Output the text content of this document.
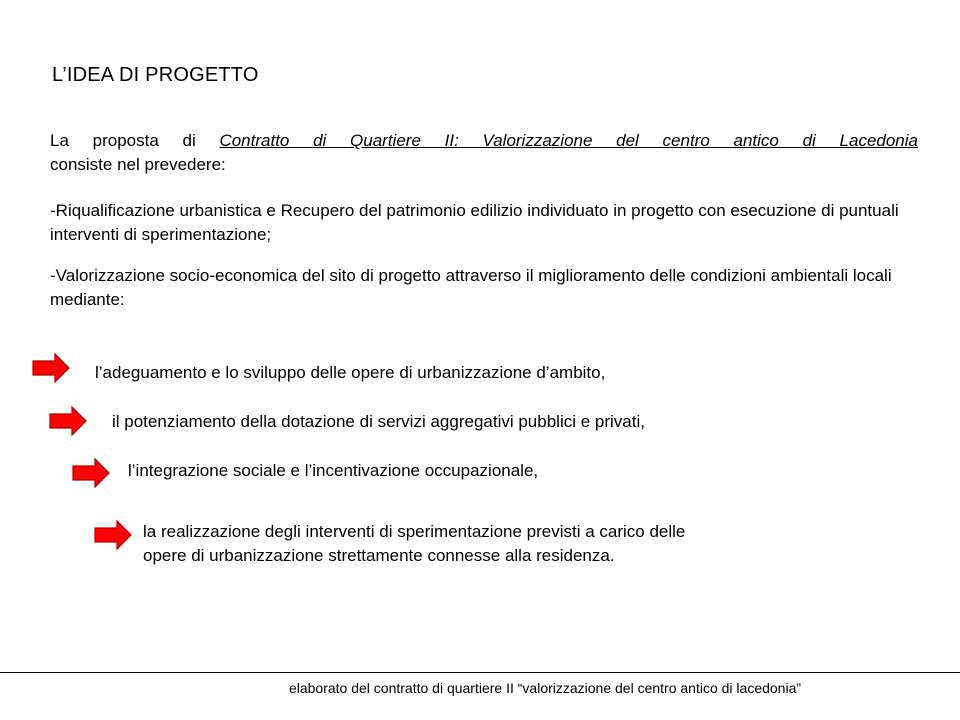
L’IDEA DI PROGETTO
La proposta di Contratto di Quartiere II: Valorizzazione del centro antico di Lacedonia
consiste nel prevedere:
-Riqualificazione urbanistica e Recupero del patrimonio edilizio individuato in progetto con esecuzione di puntuali interventi di sperimentazione;
-Valorizzazione socio-economica del sito di progetto attraverso il miglioramento delle condizioni ambientali locali mediante:
l’adeguamento e lo sviluppo delle opere di urbanizzazione d’ambito,
il potenziamento della dotazione di servizi aggregativi pubblici e privati,
l’integrazione sociale e l’incentivazione occupazionale,
la realizzazione degli interventi di sperimentazione previsti a carico delle
opere di urbanizzazione strettamente connesse alla residenza.
elaborato del contratto di quartiere II “valorizzazione del centro antico di lacedonia”
